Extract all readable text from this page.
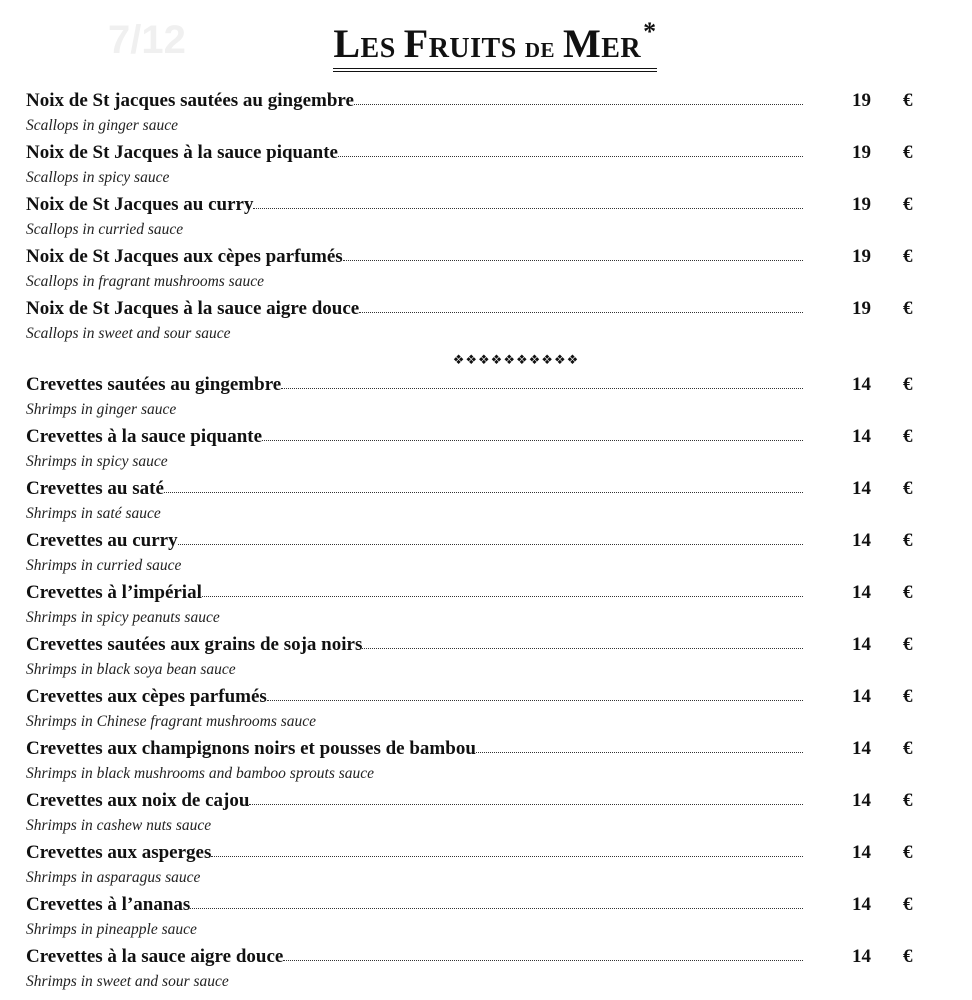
7/12	Les Fruits de Mer*
Noix de St jacques sautées au gingembre	19 €
Scallops in ginger sauce
Noix de St Jacques à la sauce piquante	19 €
Scallops in spicy sauce
Noix de St Jacques au curry	19 €
Scallops in curried sauce
Noix de St Jacques aux cèpes parfumés	19 €
Scallops in fragrant mushrooms sauce
Noix de St Jacques à la sauce aigre douce	19 €
Scallops in sweet and sour sauce
❖❖❖❖❖❖❖❖❖❖
Crevettes sautées au gingembre	14 €
Shrimps in ginger sauce
Crevettes à la sauce piquante	14 €
Shrimps in spicy sauce
Crevettes au saté	14 €
Shrimps in saté sauce
Crevettes au curry	14 €
Shrimps in curried sauce
Crevettes à l’impérial	14 €
Shrimps in spicy peanuts sauce
Crevettes sautées aux grains de soja noirs	14 €
Shrimps in black soya bean sauce
Crevettes aux cèpes parfumés	14 €
Shrimps in Chinese fragrant mushrooms sauce
Crevettes aux champignons noirs et pousses de bambou	14 €
Shrimps in black mushrooms and bamboo sprouts sauce
Crevettes aux noix de cajou	14 €
Shrimps in cashew nuts sauce
Crevettes aux asperges	14 €
Shrimps in asparagus sauce
Crevettes à l’ananas	14 €
Shrimps in pineapple sauce
Crevettes à la sauce aigre douce	14 €
Shrimps in sweet and sour sauce
